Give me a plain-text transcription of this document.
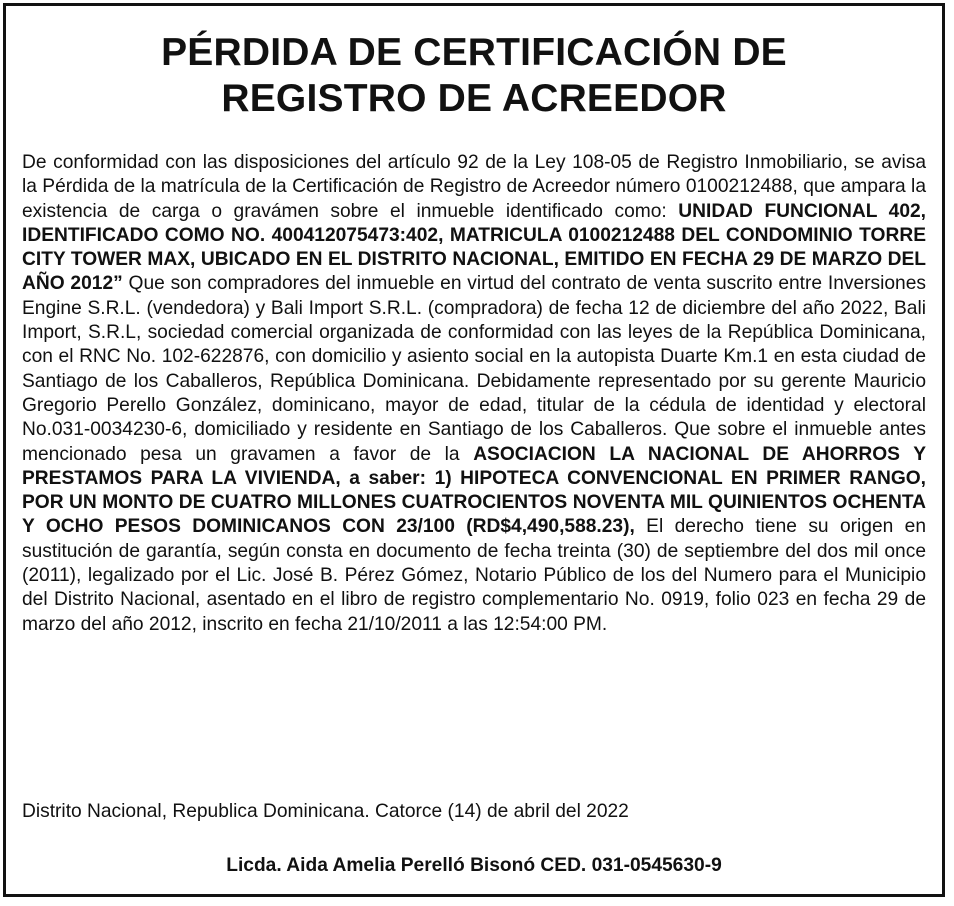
PÉRDIDA DE CERTIFICACIÓN DE
REGISTRO DE ACREEDOR

De conformidad con las disposiciones del artículo 92 de la Ley 108-05 de Registro Inmobiliario, se avisa la Pérdida de la matrícula de la Certificación de Registro de Acreedor número 0100212488, que ampara la existencia de carga o gravámen sobre el inmueble identificado como: UNIDAD FUNCIONAL 402, IDENTIFICADO COMO NO. 400412075473:402, MATRICULA 0100212488 DEL CONDOMINIO TORRE CITY TOWER MAX, UBICADO EN EL DISTRITO NACIONAL, EMITIDO EN FECHA 29 DE MARZO DEL AÑO 2012” Que son compradores del inmueble en virtud del contrato de venta suscrito entre Inversiones Engine S.R.L. (vendedora) y Bali Import S.R.L. (compradora) de fecha 12 de diciembre del año 2022, Bali Import, S.R.L, sociedad comercial organizada de conformidad con las leyes de la República Dominicana, con el RNC No. 102-622876, con domicilio y asiento social en la autopista Duarte Km.1 en esta ciudad de Santiago de los Caballeros, República Dominicana. Debidamente representado por su gerente Mauricio Gregorio Perello González, dominicano, mayor de edad, titular de la cédula de identidad y electoral No.031-0034230-6, domiciliado y residente en Santiago de los Caballeros. Que sobre el inmueble antes mencionado pesa un gravamen a favor de la ASOCIACION LA NACIONAL DE AHORROS Y PRESTAMOS PARA LA VIVIENDA, a saber: 1) HIPOTECA CONVENCIONAL EN PRIMER RANGO, POR UN MONTO DE CUATRO MILLONES CUATROCIENTOS NOVENTA MIL QUINIENTOS OCHENTA Y OCHO PESOS DOMINICANOS CON 23/100 (RD$4,490,588.23), El derecho tiene su origen en sustitución de garantía, según consta en documento de fecha treinta (30) de septiembre del dos mil once (2011), legalizado por el Lic. José B. Pérez Gómez, Notario Público de los del Numero para el Municipio del Distrito Nacional, asentado en el libro de registro complementario No. 0919, folio 023 en fecha 29 de marzo del año 2012, inscrito en fecha 21/10/2011 a las 12:54:00 PM.

Distrito Nacional, Republica Dominicana. Catorce (14) de abril del 2022

Licda. Aida Amelia Perelló Bisonó CED. 031-0545630-9
